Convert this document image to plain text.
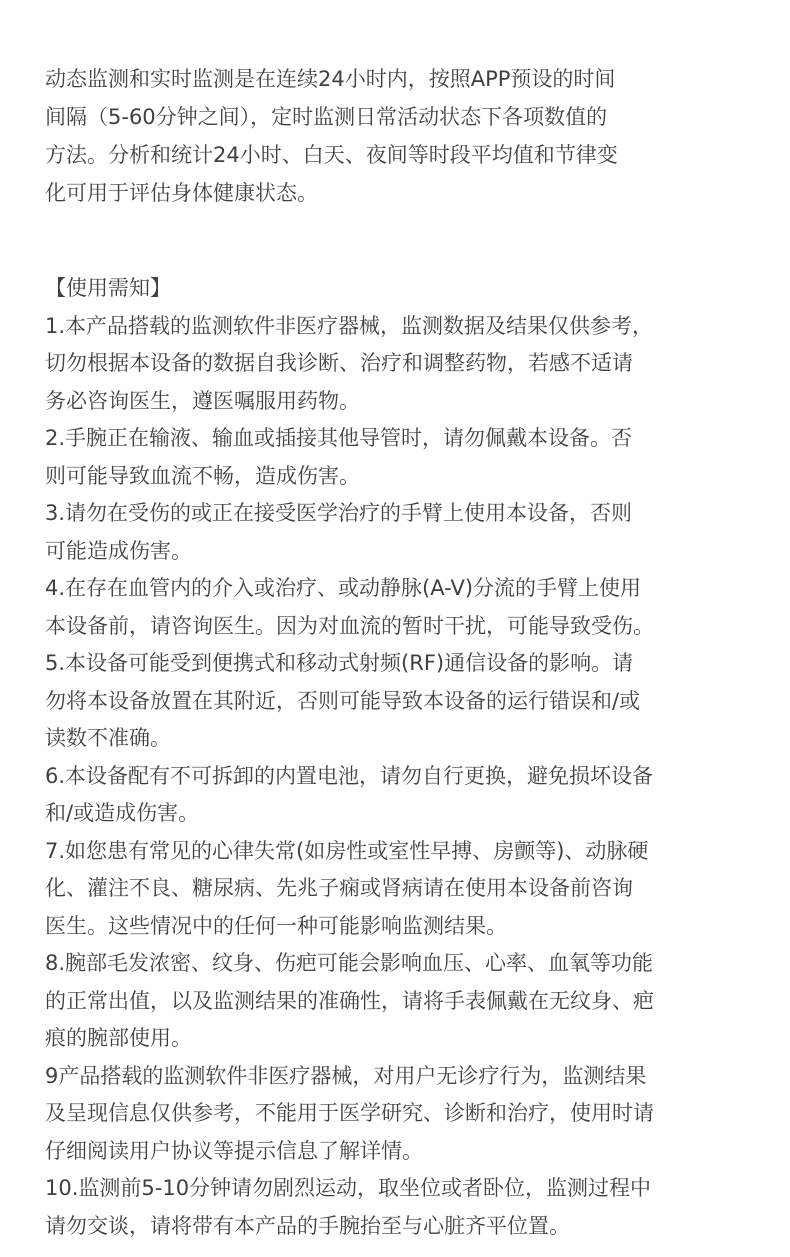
动态监测和实时监测是在连续24小时内，按照APP预设的时间
间隔（5-60分钟之间），定时监测日常活动状态下各项数值的
方法。分析和统计24小时、白天、夜间等时段平均值和节律变
化可用于评估身体健康状态。
【使用需知】
1.本产品搭载的监测软件非医疗器械，监测数据及结果仅供参考，
切勿根据本设备的数据自我诊断、治疗和调整药物，若感不适请
务必咨询医生，遵医嘱服用药物。
2.手腕正在输液、输血或插接其他导管时，请勿佩戴本设备。否
则可能导致血流不畅，造成伤害。
3.请勿在受伤的或正在接受医学治疗的手臂上使用本设备，否则
可能造成伤害。
4.在存在血管内的介入或治疗、或动静脉(A-V)分流的手臂上使用
本设备前，请咨询医生。因为对血流的暂时干扰，可能导致受伤。
5.本设备可能受到便携式和移动式射频(RF)通信设备的影响。请
勿将本设备放置在其附近，否则可能导致本设备的运行错误和/或
读数不准确。
6.本设备配有不可拆卸的内置电池，请勿自行更换，避免损坏设备
和/或造成伤害。
7.如您患有常见的心律失常(如房性或室性早搏、房颤等)、动脉硬
化、灌注不良、糖尿病、先兆子痫或肾病请在使用本设备前咨询
医生。这些情况中的任何一种可能影响监测结果。
8.腕部毛发浓密、纹身、伤疤可能会影响血压、心率、血氧等功能
的正常出值，以及监测结果的准确性，请将手表佩戴在无纹身、疤
痕的腕部使用。
9产品搭载的监测软件非医疗器械，对用户无诊疗行为，监测结果
及呈现信息仅供参考，不能用于医学研究、诊断和治疗，使用时请
仔细阅读用户协议等提示信息了解详情。
10.监测前5-10分钟请勿剧烈运动，取坐位或者卧位，监测过程中
请勿交谈，请将带有本产品的手腕抬至与心脏齐平位置。
